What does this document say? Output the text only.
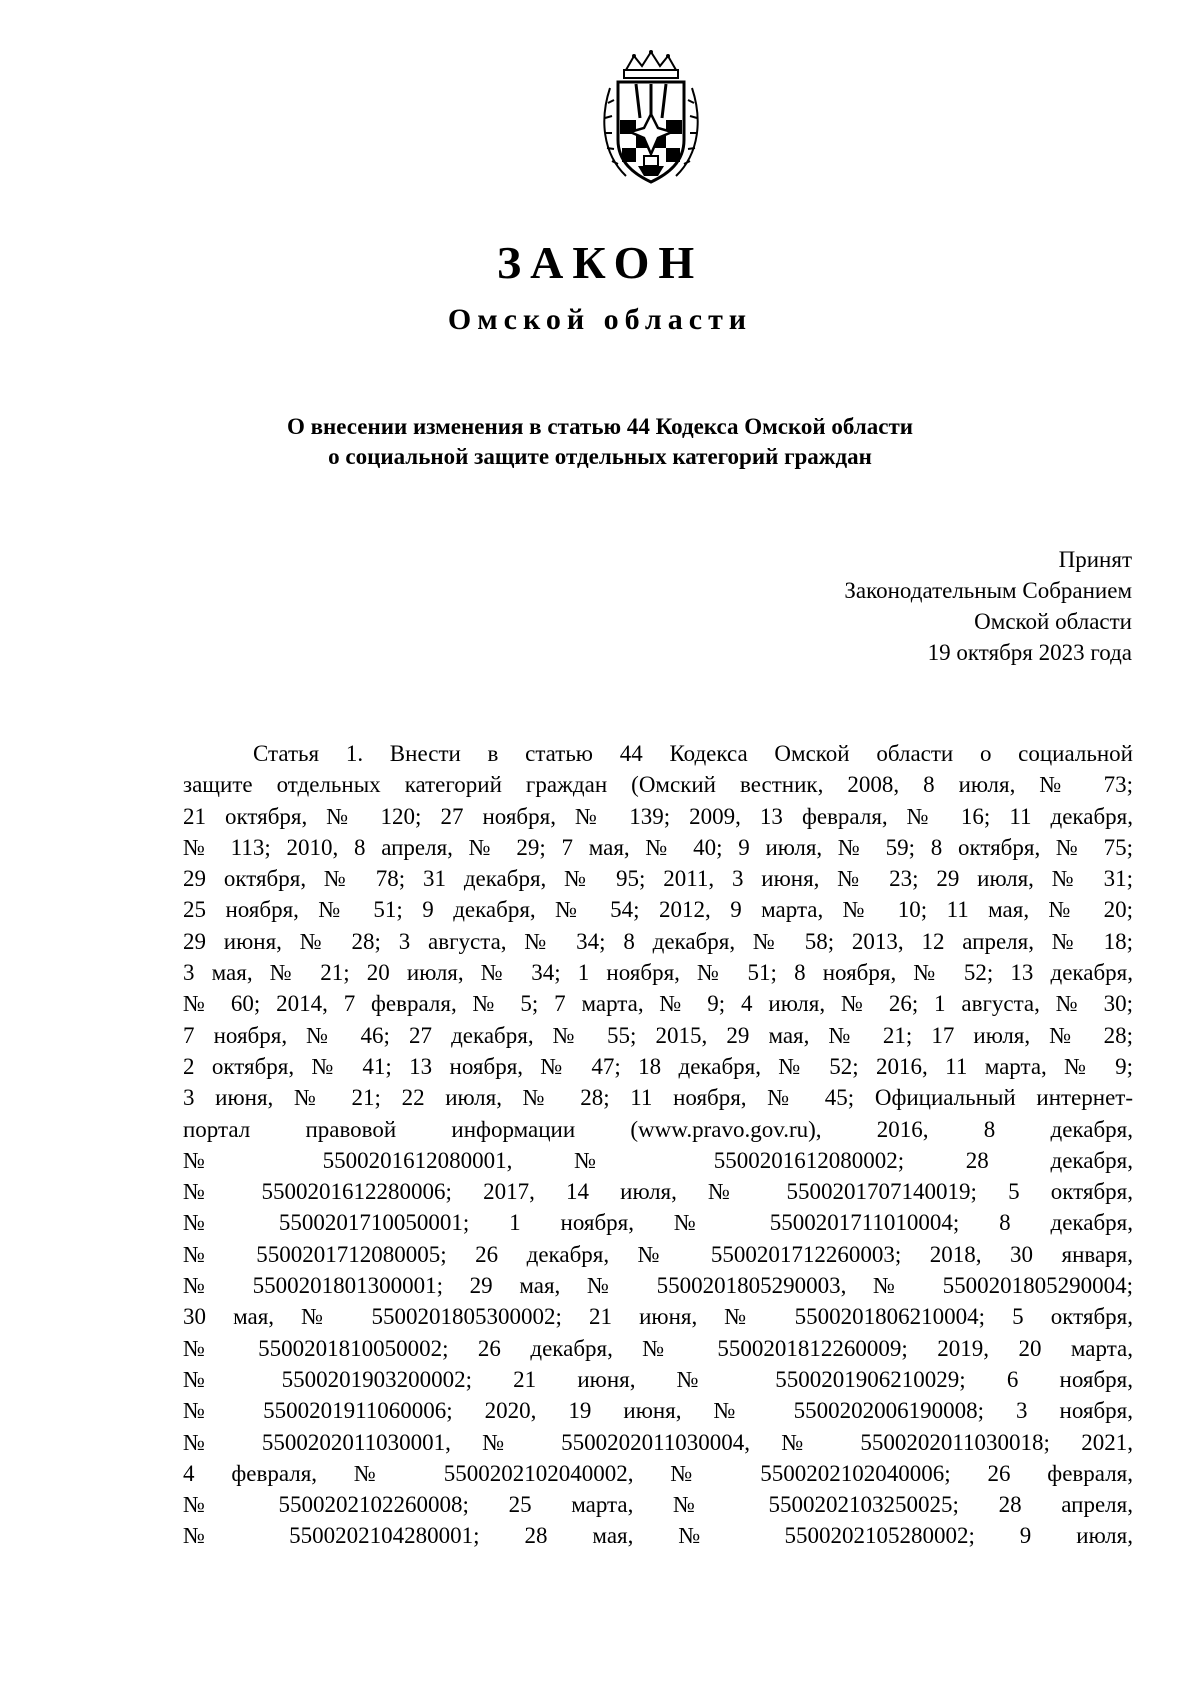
ЗАКОН
Омской области
О внесении изменения в статью 44 Кодекса Омской области
о социальной защите отдельных категорий граждан
Принят
Законодательным Собранием
Омской области
19 октября 2023 года
Статья 1. Внести в статью 44 Кодекса Омской области о социальной
защите отдельных категорий граждан (Омский вестник, 2008, 8 июля, № 73;
21 октября, № 120; 27 ноября, № 139; 2009, 13 февраля, № 16; 11 декабря,
№ 113; 2010, 8 апреля, № 29; 7 мая, № 40; 9 июля, № 59; 8 октября, № 75;
29 октября, № 78; 31 декабря, № 95; 2011, 3 июня, № 23; 29 июля, № 31;
25 ноября, № 51; 9 декабря, № 54; 2012, 9 марта, № 10; 11 мая, № 20;
29 июня, № 28; 3 августа, № 34; 8 декабря, № 58; 2013, 12 апреля, № 18;
3 мая, № 21; 20 июля, № 34; 1 ноября, № 51; 8 ноября, № 52; 13 декабря,
№ 60; 2014, 7 февраля, № 5; 7 марта, № 9; 4 июля, № 26; 1 августа, № 30;
7 ноября, № 46; 27 декабря, № 55; 2015, 29 мая, № 21; 17 июля, № 28;
2 октября, № 41; 13 ноября, № 47; 18 декабря, № 52; 2016, 11 марта, № 9;
3 июня, № 21; 22 июля, № 28; 11 ноября, № 45; Официальный интернет-
портал правовой информации (www.pravo.gov.ru), 2016, 8 декабря,
№ 5500201612080001, № 5500201612080002; 28 декабря,
№ 5500201612280006; 2017, 14 июля, № 5500201707140019; 5 октября,
№ 5500201710050001; 1 ноября, № 5500201711010004; 8 декабря,
№ 5500201712080005; 26 декабря, № 5500201712260003; 2018, 30 января,
№ 5500201801300001; 29 мая, № 5500201805290003, № 5500201805290004;
30 мая, № 5500201805300002; 21 июня, № 5500201806210004; 5 октября,
№ 5500201810050002; 26 декабря, № 5500201812260009; 2019, 20 марта,
№ 5500201903200002; 21 июня, № 5500201906210029; 6 ноября,
№ 5500201911060006; 2020, 19 июня, № 5500202006190008; 3 ноября,
№ 5500202011030001, № 5500202011030004, № 5500202011030018; 2021,
4 февраля, № 5500202102040002, № 5500202102040006; 26 февраля,
№ 5500202102260008; 25 марта, № 5500202103250025; 28 апреля,
№ 5500202104280001; 28 мая, № 5500202105280002; 9 июля,
